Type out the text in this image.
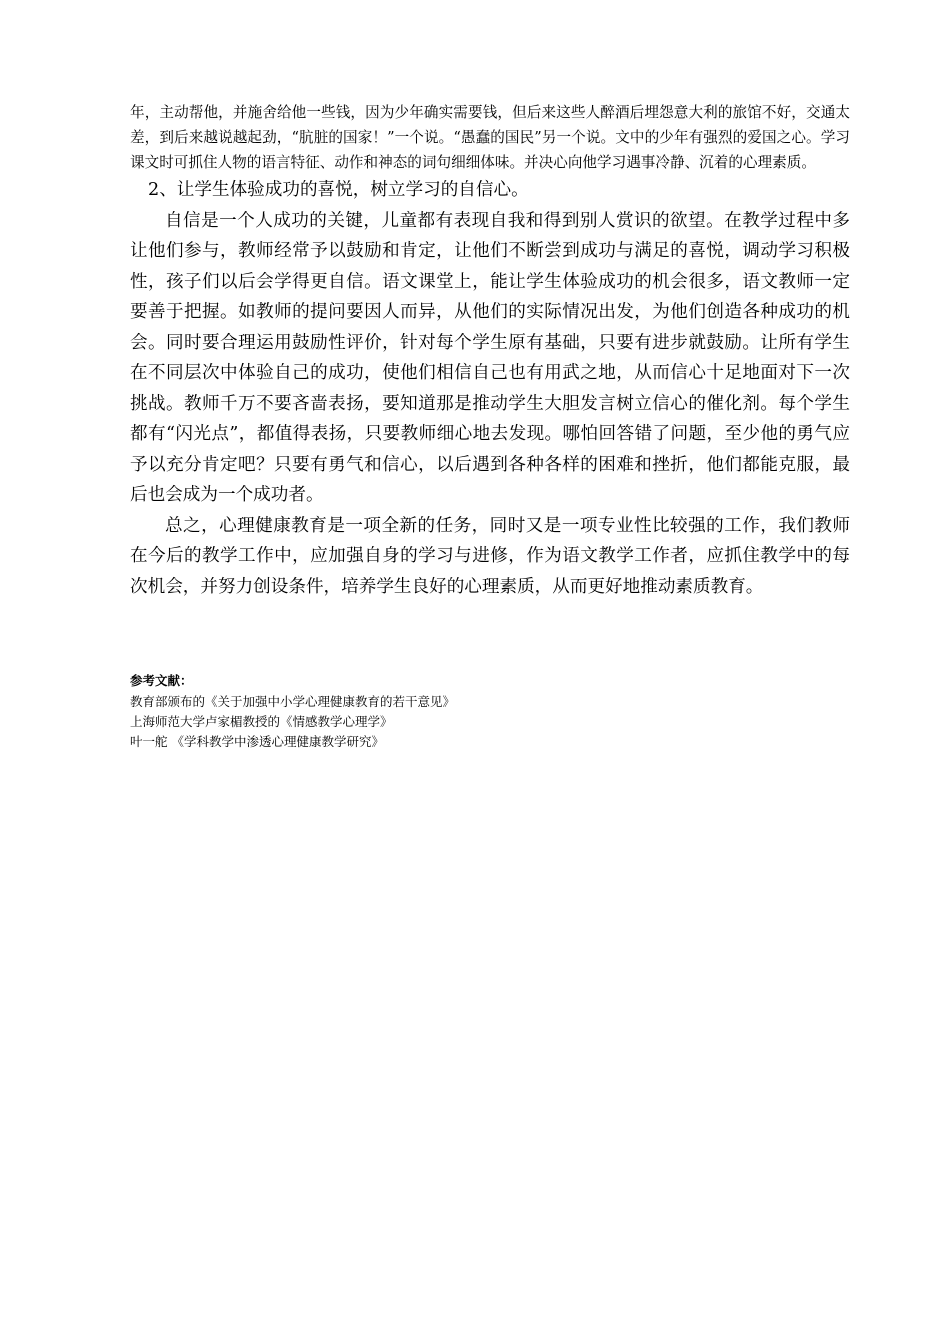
年，主动帮他，并施舍给他一些钱，因为少年确实需要钱，但后来这些人醉酒后埋怨意大利的旅馆不好，交通太差，到后来越说越起劲，“肮脏的国家！”一个说。“愚蠢的国民”另一个说。文中的少年有强烈的爱国之心。学习课文时可抓住人物的语言特征、动作和神态的词句细细体味。并决心向他学习遇事冷静、沉着的心理素质。

2、让学生体验成功的喜悦，树立学习的自信心。

自信是一个人成功的关键，儿童都有表现自我和得到别人赏识的欲望。在教学过程中多让他们参与，教师经常予以鼓励和肯定，让他们不断尝到成功与满足的喜悦，调动学习积极性，孩子们以后会学得更自信。语文课堂上，能让学生体验成功的机会很多，语文教师一定要善于把握。如教师的提问要因人而异，从他们的实际情况出发，为他们创造各种成功的机会。同时要合理运用鼓励性评价，针对每个学生原有基础，只要有进步就鼓励。让所有学生在不同层次中体验自己的成功，使他们相信自己也有用武之地，从而信心十足地面对下一次挑战。教师千万不要吝啬表扬，要知道那是推动学生大胆发言树立信心的催化剂。每个学生都有“闪光点”，都值得表扬，只要教师细心地去发现。哪怕回答错了问题，至少他的勇气应予以充分肯定吧？只要有勇气和信心，以后遇到各种各样的困难和挫折，他们都能克服，最后也会成为一个成功者。

总之，心理健康教育是一项全新的任务，同时又是一项专业性比较强的工作，我们教师在今后的教学工作中，应加强自身的学习与进修，作为语文教学工作者，应抓住教学中的每次机会，并努力创设条件，培养学生良好的心理素质，从而更好地推动素质教育。

参考文献：

教育部颁布的《关于加强中小学心理健康教育的若干意见》

上海师范大学卢家楣教授的《情感教学心理学》

叶一舵 《学科教学中渗透心理健康教学研究》
